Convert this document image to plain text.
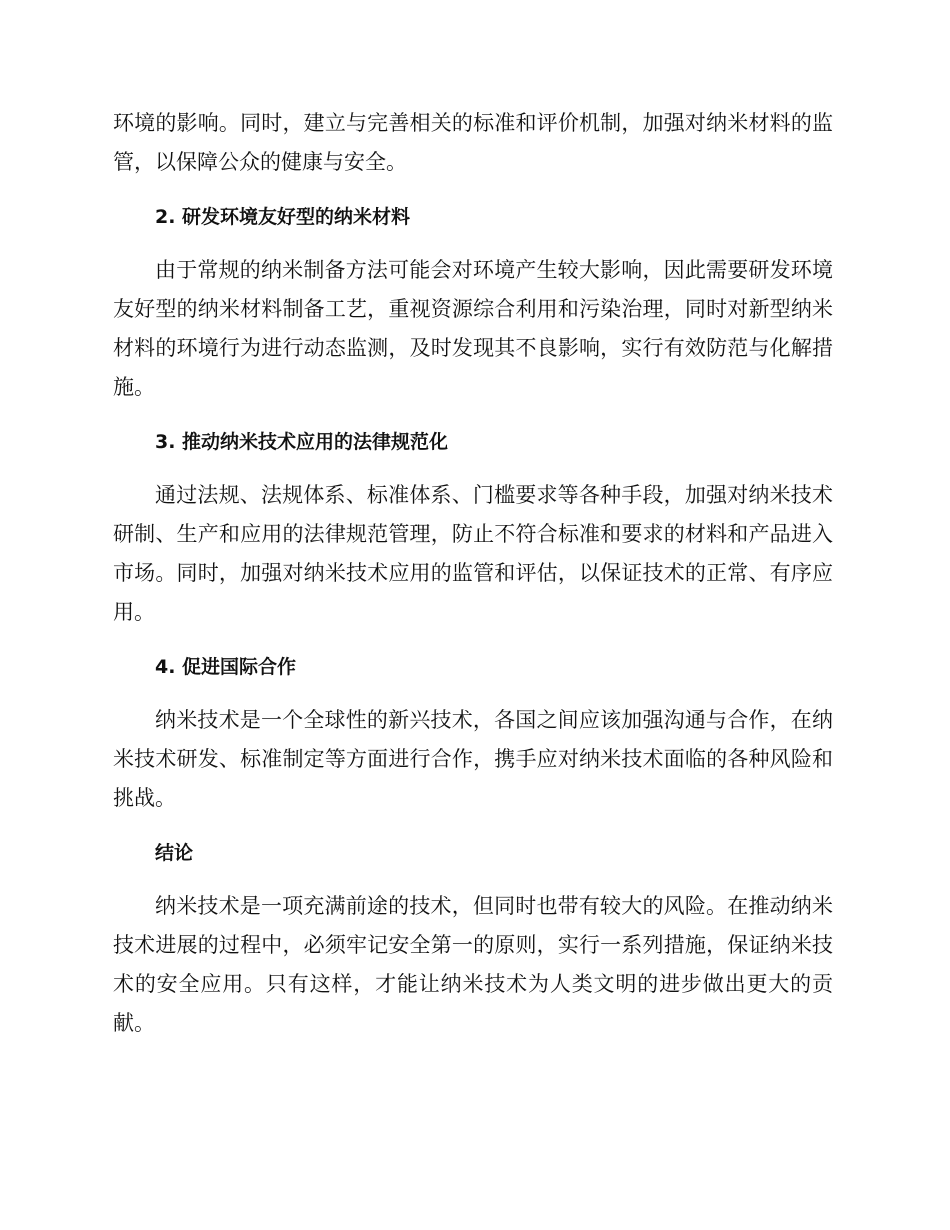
环境的影响。同时，建立与完善相关的标准和评价机制，加强对纳米材料的监管，以保障公众的健康与安全。

2. 研发环境友好型的纳米材料

由于常规的纳米制备方法可能会对环境产生较大影响，因此需要研发环境友好型的纳米材料制备工艺，重视资源综合利用和污染治理，同时对新型纳米材料的环境行为进行动态监测，及时发现其不良影响，实行有效防范与化解措施。

3. 推动纳米技术应用的法律规范化

通过法规、法规体系、标准体系、门槛要求等各种手段，加强对纳米技术研制、生产和应用的法律规范管理，防止不符合标准和要求的材料和产品进入市场。同时，加强对纳米技术应用的监管和评估，以保证技术的正常、有序应用。

4. 促进国际合作

纳米技术是一个全球性的新兴技术，各国之间应该加强沟通与合作，在纳米技术研发、标准制定等方面进行合作，携手应对纳米技术面临的各种风险和挑战。

结论

纳米技术是一项充满前途的技术，但同时也带有较大的风险。在推动纳米技术进展的过程中，必须牢记安全第一的原则，实行一系列措施，保证纳米技术的安全应用。只有这样，才能让纳米技术为人类文明的进步做出更大的贡献。
